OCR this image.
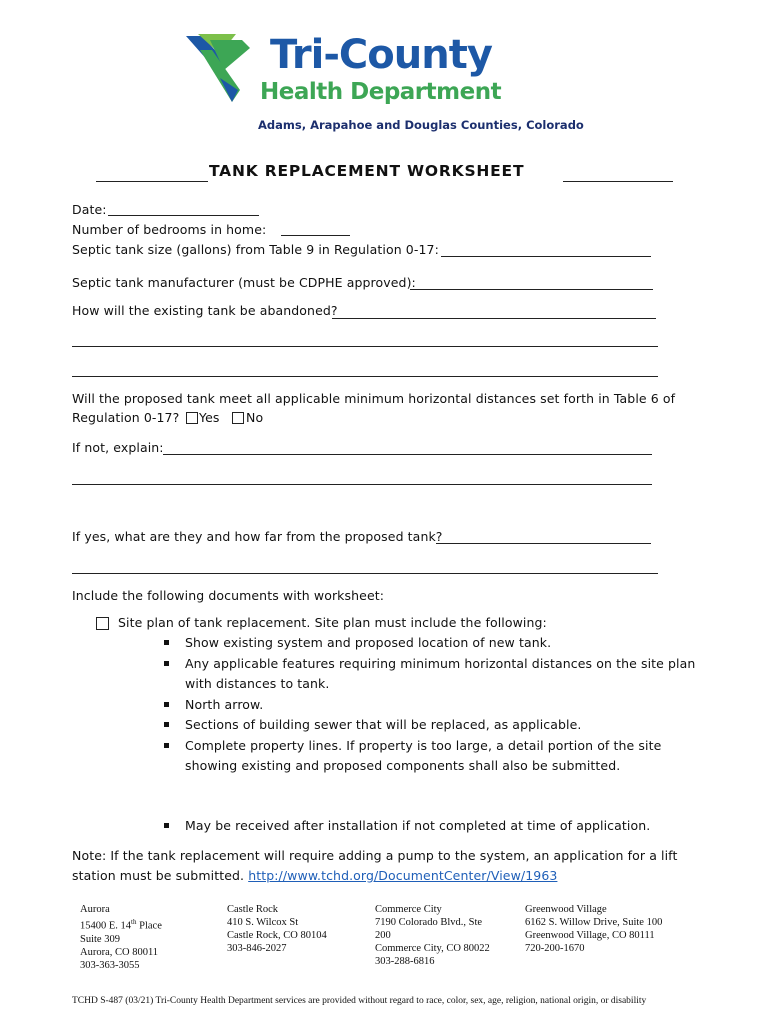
Tri-County
Health Department
Adams, Arapahoe and Douglas Counties, Colorado
TANK REPLACEMENT WORKSHEET
Date:
Number of bedrooms in home:
Septic tank size (gallons) from Table 9 in Regulation 0-17:
Septic tank manufacturer (must be CDPHE approved):
How will the existing tank be abandoned?
Will the proposed tank meet all applicable minimum horizontal distances set forth in Table 6 of
Regulation 0-17? Yes No
If not, explain:
If yes, what are they and how far from the proposed tank?
Include the following documents with worksheet:
Site plan of tank replacement. Site plan must include the following:
Show existing system and proposed location of new tank.
Any applicable features requiring minimum horizontal distances on the site plan
with distances to tank.
North arrow.
Sections of building sewer that will be replaced, as applicable.
Complete property lines. If property is too large, a detail portion of the site
showing existing and proposed components shall also be submitted.
May be received after installation if not completed at time of application.
Note: If the tank replacement will require adding a pump to the system, an application for a lift
station must be submitted. http://www.tchd.org/DocumentCenter/View/1963
Aurora
15400 E. 14th Place
Suite 309
Aurora, CO 80011
303-363-3055
Castle Rock
410 S. Wilcox St
Castle Rock, CO 80104
303-846-2027
Commerce City
7190 Colorado Blvd., Ste
200
Commerce City, CO 80022
303-288-6816
Greenwood Village
6162 S. Willow Drive, Suite 100
Greenwood Village, CO 80111
720-200-1670
TCHD S-487 (03/21) Tri-County Health Department services are provided without regard to race, color, sex, age, religion, national origin, or disability
